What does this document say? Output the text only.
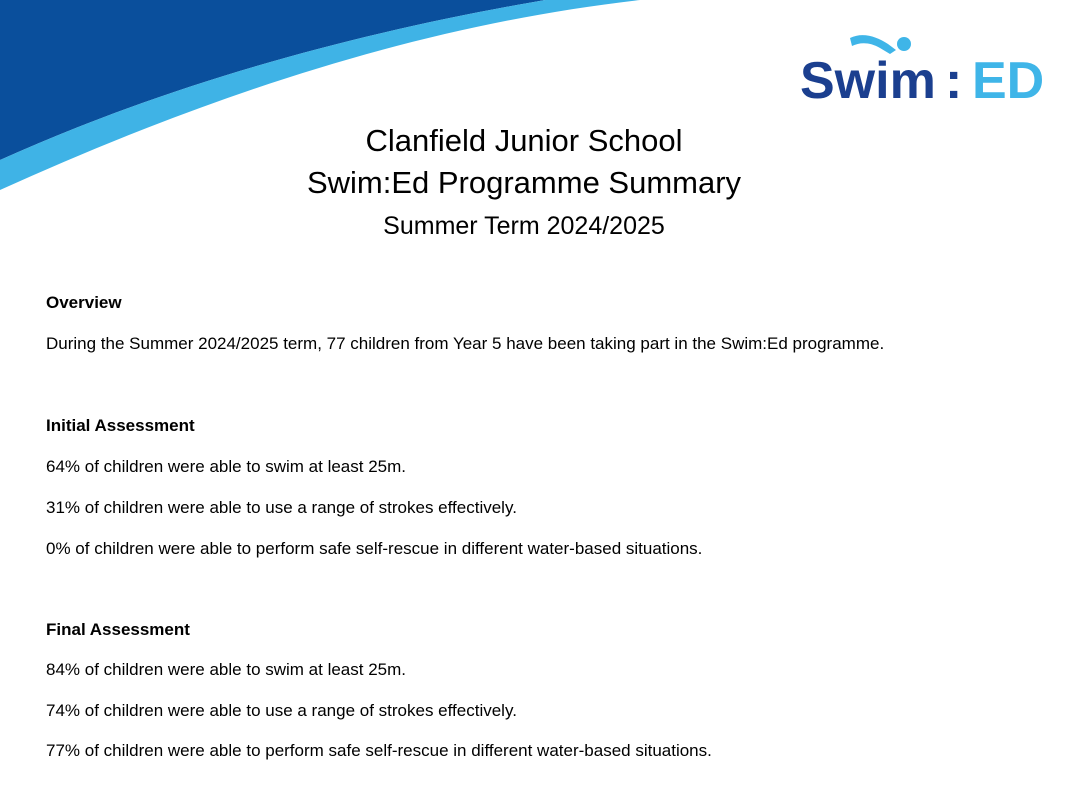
Swim : ED
Clanfield Junior School
Swim:Ed Programme Summary
Summer Term 2024/2025
Overview
During the Summer 2024/2025 term, 77 children from Year 5 have been taking part in the Swim:Ed programme.
Initial Assessment
64% of children were able to swim at least 25m.
31% of children were able to use a range of strokes effectively.
0% of children were able to perform safe self-rescue in different water-based situations.
Final Assessment
84% of children were able to swim at least 25m.
74% of children were able to use a range of strokes effectively.
77% of children were able to perform safe self-rescue in different water-based situations.
